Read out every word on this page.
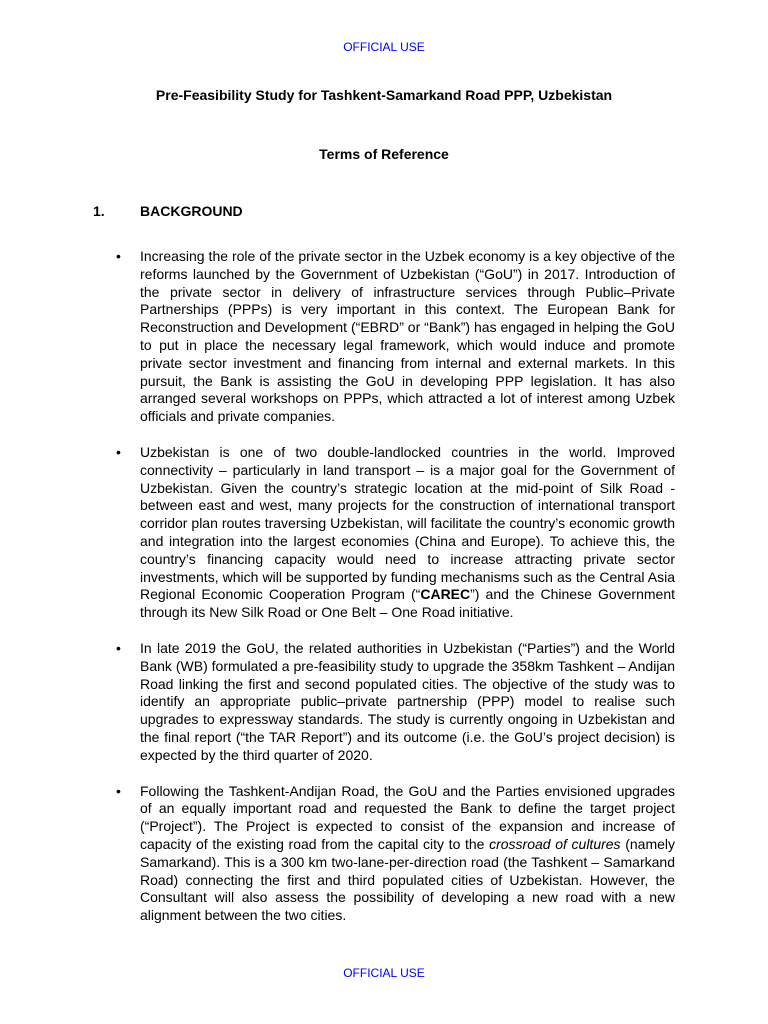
OFFICIAL USE
Pre-Feasibility Study for Tashkent-Samarkand Road PPP, Uzbekistan
Terms of Reference
1.	BACKGROUND
• Increasing the role of the private sector in the Uzbek economy is a key objective of the reforms launched by the Government of Uzbekistan (“GoU”) in 2017. Introduction of the private sector in delivery of infrastructure services through Public–Private Partnerships (PPPs) is very important in this context. The European Bank for Reconstruction and Development (“EBRD” or “Bank”) has engaged in helping the GoU to put in place the necessary legal framework, which would induce and promote private sector investment and financing from internal and external markets. In this pursuit, the Bank is assisting the GoU in developing PPP legislation. It has also arranged several workshops on PPPs, which attracted a lot of interest among Uzbek officials and private companies.
• Uzbekistan is one of two double-landlocked countries in the world. Improved connectivity – particularly in land transport – is a major goal for the Government of Uzbekistan. Given the country’s strategic location at the mid-point of Silk Road - between east and west, many projects for the construction of international transport corridor plan routes traversing Uzbekistan, will facilitate the country’s economic growth and integration into the largest economies (China and Europe). To achieve this, the country’s financing capacity would need to increase attracting private sector investments, which will be supported by funding mechanisms such as the Central Asia Regional Economic Cooperation Program (“CAREC”) and the Chinese Government through its New Silk Road or One Belt – One Road initiative.
• In late 2019 the GoU, the related authorities in Uzbekistan (“Parties”) and the World Bank (WB) formulated a pre-feasibility study to upgrade the 358km Tashkent – Andijan Road linking the first and second populated cities. The objective of the study was to identify an appropriate public–private partnership (PPP) model to realise such upgrades to expressway standards. The study is currently ongoing in Uzbekistan and the final report (“the TAR Report”) and its outcome (i.e. the GoU’s project decision) is expected by the third quarter of 2020.
• Following the Tashkent-Andijan Road, the GoU and the Parties envisioned upgrades of an equally important road and requested the Bank to define the target project (“Project”). The Project is expected to consist of the expansion and increase of capacity of the existing road from the capital city to the crossroad of cultures (namely Samarkand). This is a 300 km two-lane-per-direction road (the Tashkent – Samarkand Road) connecting the first and third populated cities of Uzbekistan. However, the Consultant will also assess the possibility of developing a new road with a new alignment between the two cities.
OFFICIAL USE
